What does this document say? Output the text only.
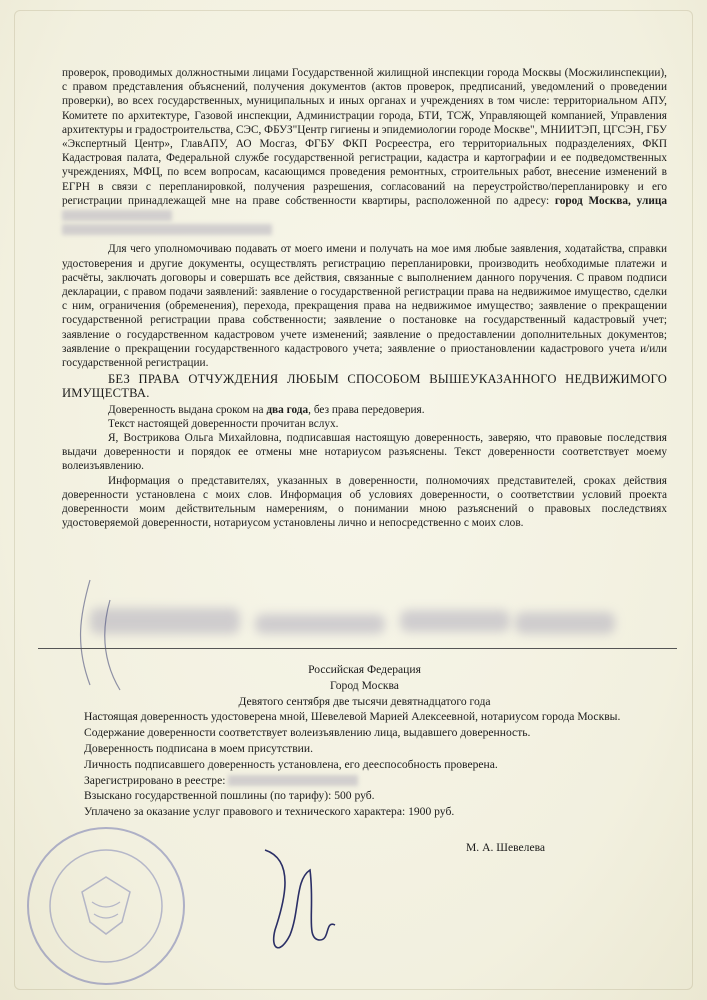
проверок, проводимых должностными лицами Государственной жилищной инспекции города Москвы (Мосжилинспекции), с правом представления объяснений, получения документов (актов проверок, предписаний, уведомлений о проведении проверки), во всех государственных, муниципальных и иных органах и учреждениях в том числе: территориальном АПУ, Комитете по архитектуре, Газовой инспекции, Администрации города, БТИ, ТСЖ, Управляющей компанией, Управления архитектуры и градостроительства, СЭС, ФБУЗ"Центр гигиены и эпидемиологии городе Москве", МНИИТЭП, ЦГСЭН, ГБУ «Экспертный Центр», ГлавАПУ, АО Мосгаз, ФГБУ ФКП Росреестра, его территориальных подразделениях, ФКП Кадастровая палата, Федеральной службе государственной регистрации, кадастра и картографии и ее подведомственных учреждениях, МФЦ, по всем вопросам, касающимся проведения ремонтных, строительных работ, внесение изменений в ЕГРН в связи с перепланировкой, получения разрешения, согласований на переустройство/перепланировку и его регистрации принадлежащей мне на праве собственности квартиры, расположенной по адресу: город Москва, улица

Для чего уполномочиваю подавать от моего имени и получать на мое имя любые заявления, ходатайства, справки удостоверения и другие документы, осуществлять регистрацию перепланировки, производить необходимые платежи и расчёты, заключать договоры и совершать все действия, связанные с выполнением данного поручения. С правом подписи декларации, с правом подачи заявлений: заявление о государственной регистрации права на недвижимое имущество, сделки с ним, ограничения (обременения), перехода, прекращения права на недвижимое имущество; заявление о прекращении государственной регистрации права собственности; заявление о постановке на государственный кадастровый учет; заявление о государственном кадастровом учете изменений; заявление о предоставлении дополнительных документов; заявление о прекращении государственного кадастрового учета; заявление о приостановлении кадастрового учета и/или государственной регистрации.

БЕЗ ПРАВА ОТЧУЖДЕНИЯ ЛЮБЫМ СПОСОБОМ ВЫШЕУКАЗАННОГО НЕДВИЖИМОГО ИМУЩЕСТВА.

Доверенность выдана сроком на два года, без права передоверия.

Текст настоящей доверенности прочитан вслух.

Я, Вострикова Ольга Михайловна, подписавшая настоящую доверенность, заверяю, что правовые последствия выдачи доверенности и порядок ее отмены мне нотариусом разъяснены. Текст доверенности соответствует моему волеизъявлению.

Информация о представителях, указанных в доверенности, полномочиях представителей, сроках действия доверенности установлена с моих слов. Информация об условиях доверенности, о соответствии условий проекта доверенности моим действительным намерениям, о понимании мною разъяснений о правовых последствиях удостоверяемой доверенности, нотариусом установлены лично и непосредственно с моих слов.

Российская Федерация

Город Москва

Девятого сентября две тысячи девятнадцатого года

Настоящая доверенность удостоверена мной, Шевелевой Марией Алексеевной, нотариусом города Москвы.

Содержание доверенности соответствует волеизъявлению лица, выдавшего доверенность.

Доверенность подписана в моем присутствии.

Личность подписавшего доверенность установлена, его дееспособность проверена.

Зарегистрировано в реестре:

Взыскано государственной пошлины (по тарифу): 500 руб.

Уплачено за оказание услуг правового и технического характера: 1900 руб.

М. А. Шевелева
